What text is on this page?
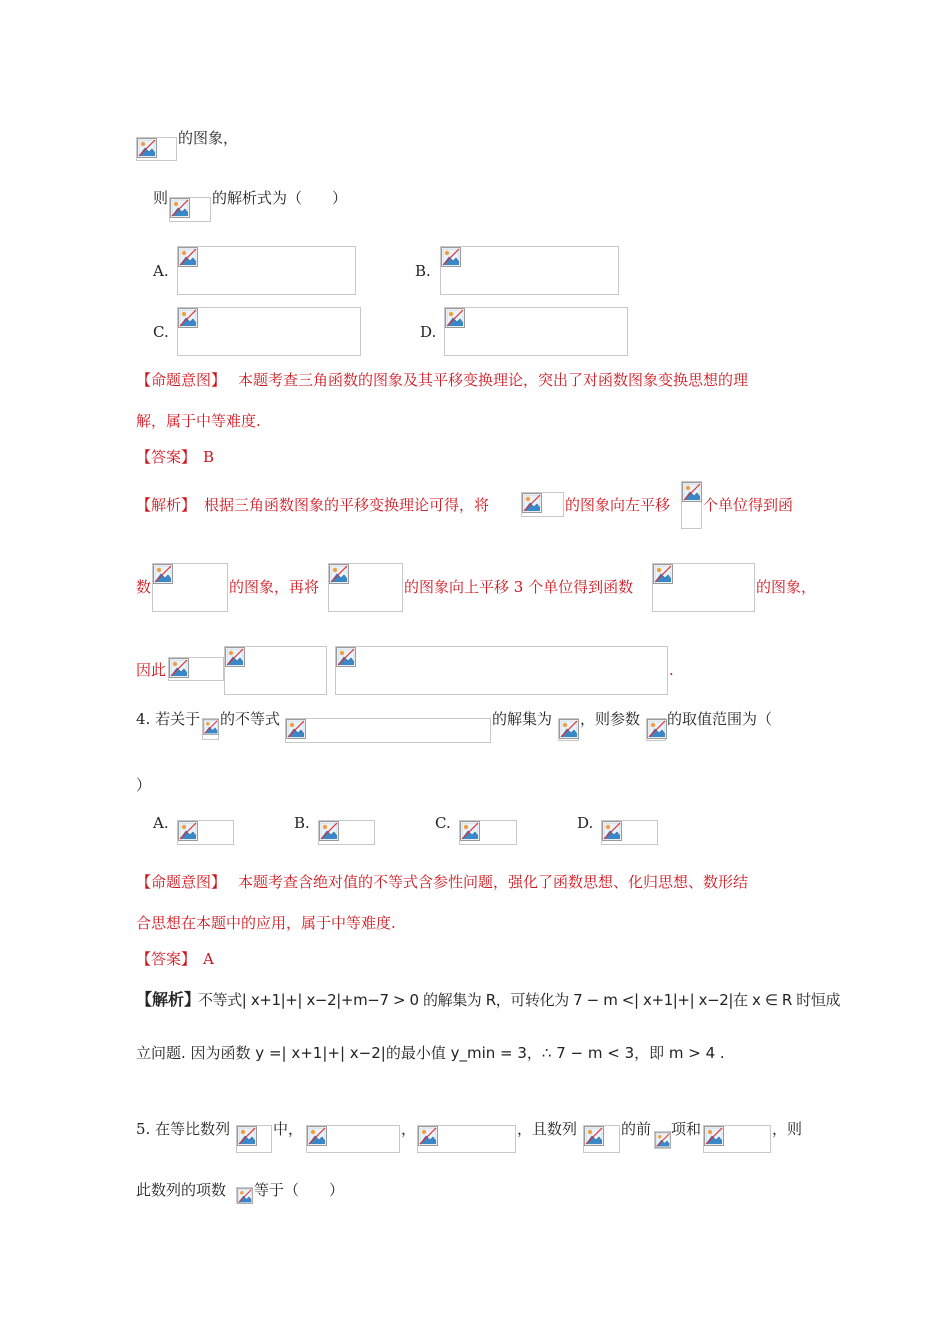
的图象，
则	的解析式为（　　）
A.	B.
C.	D.
【命题意图】 本题考查三角函数的图象及其平移变换理论，突出了对函数图象变换思想的理
解，属于中等难度.
【答案】 B
【解析】 根据三角函数图象的平移变换理论可得，将	的图象向左平移 个单位得到函
数	的图象，再将	的图象向上平移 3 个单位得到函数	的图象，
因此	.
4. 若关于 的不等式	的解集为 ，则参数 的取值范围为（
）
A.	B.	C.	D.
【命题意图】 本题考查含绝对值的不等式含参性问题，强化了函数思想、化归思想、数形结
合思想在本题中的应用，属于中等难度.
【答案】 A
【解析】
不等式| x+1|+| x−2|+m−7 > 0 的解集为 R，可转化为 7 − m <| x+1|+| x−2|在 x ∈ R 时恒成
立问题. 因为函数 y =| x+1|+| x−2|的最小值 y_min = 3，∴ 7 − m < 3，即 m > 4 .
5. 在等比数列	中，	，	，且数列	的前 项和	，则
此数列的项数 等于（　　）
